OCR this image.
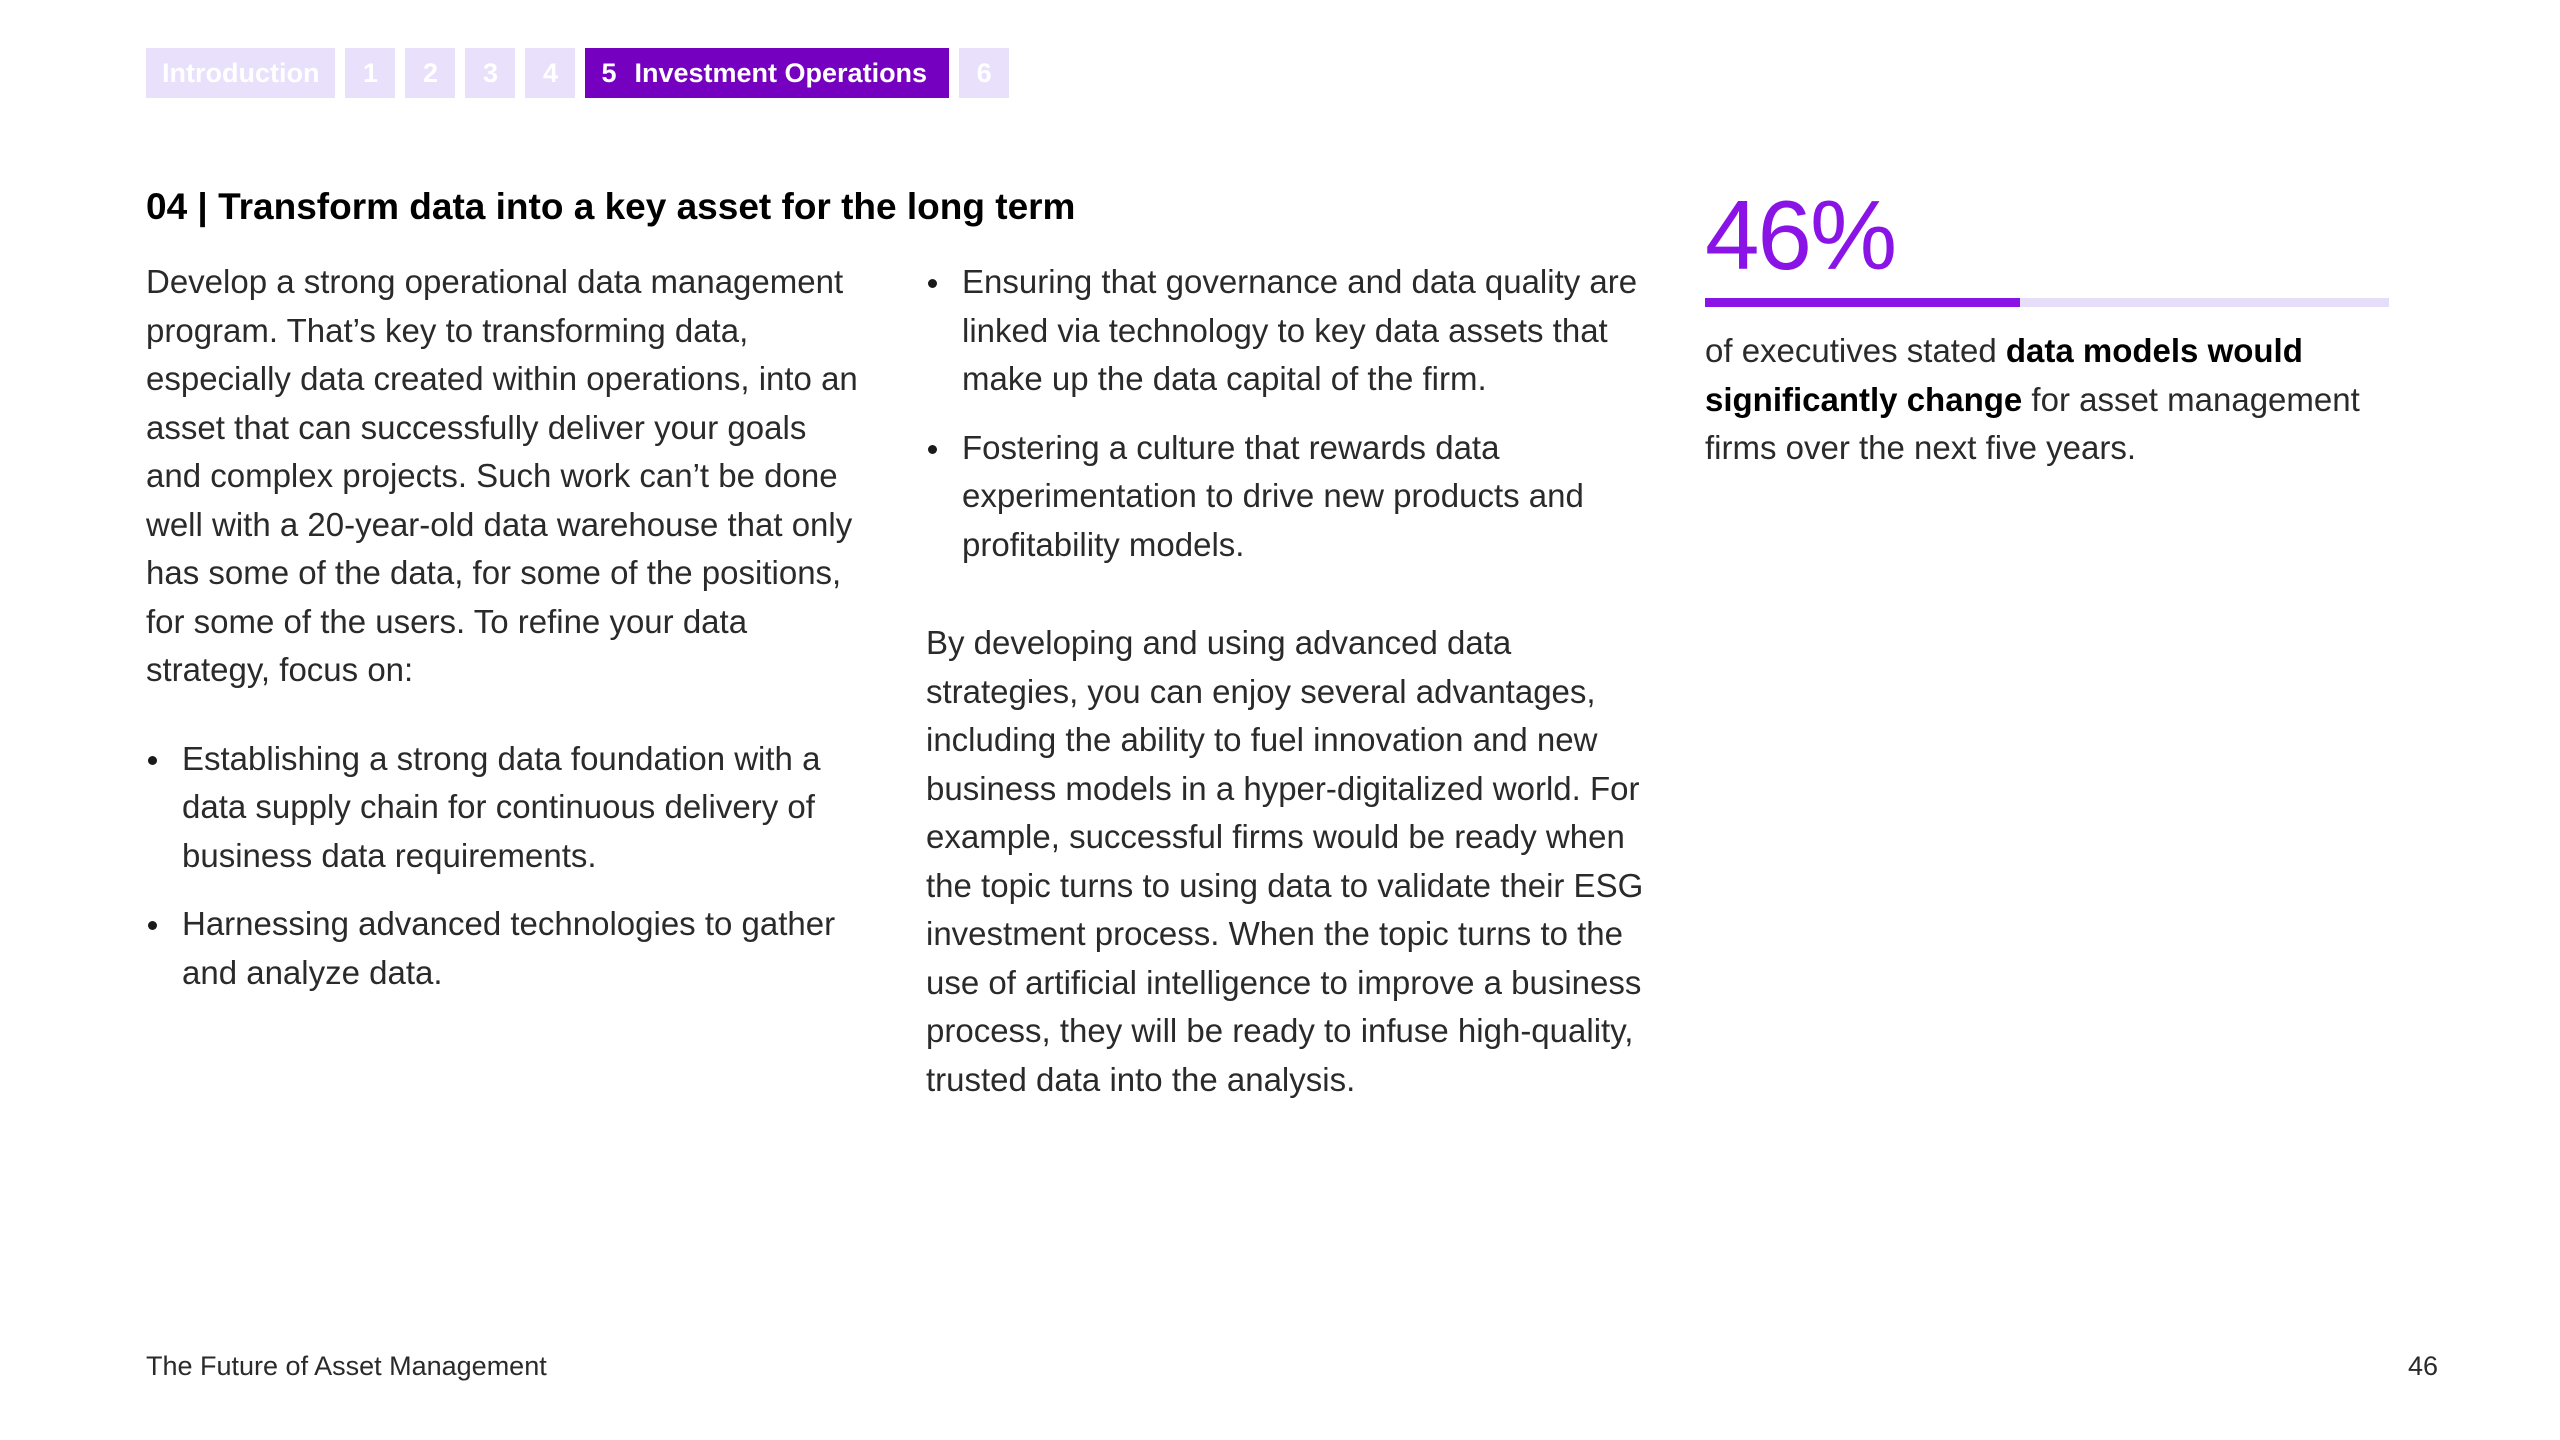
Introduction	1	2	3	4	5 Investment Operations	6
04 | Transform data into a key asset for the long term

Develop a strong operational data management program. That’s key to transforming data, especially data created within operations, into an asset that can successfully deliver your goals and complex projects. Such work can’t be done well with a 20-year-old data warehouse that only has some of the data, for some of the positions, for some of the users. To refine your data strategy, focus on:

Establishing a strong data foundation with a data supply chain for continuous delivery of business data requirements.
Harnessing advanced technologies to gather and analyze data.
Ensuring that governance and data quality are linked via technology to key data assets that make up the data capital of the firm.
Fostering a culture that rewards data experimentation to drive new products and profitability models.

By developing and using advanced data strategies, you can enjoy several advantages, including the ability to fuel innovation and new business models in a hyper-digitalized world. For example, successful firms would be ready when the topic turns to using data to validate their ESG investment process. When the topic turns to the use of artificial intelligence to improve a business process, they will be ready to infuse high-quality, trusted data into the analysis.

46%
of executives stated data models would significantly change for asset management firms over the next five years.
The Future of Asset Management	46
